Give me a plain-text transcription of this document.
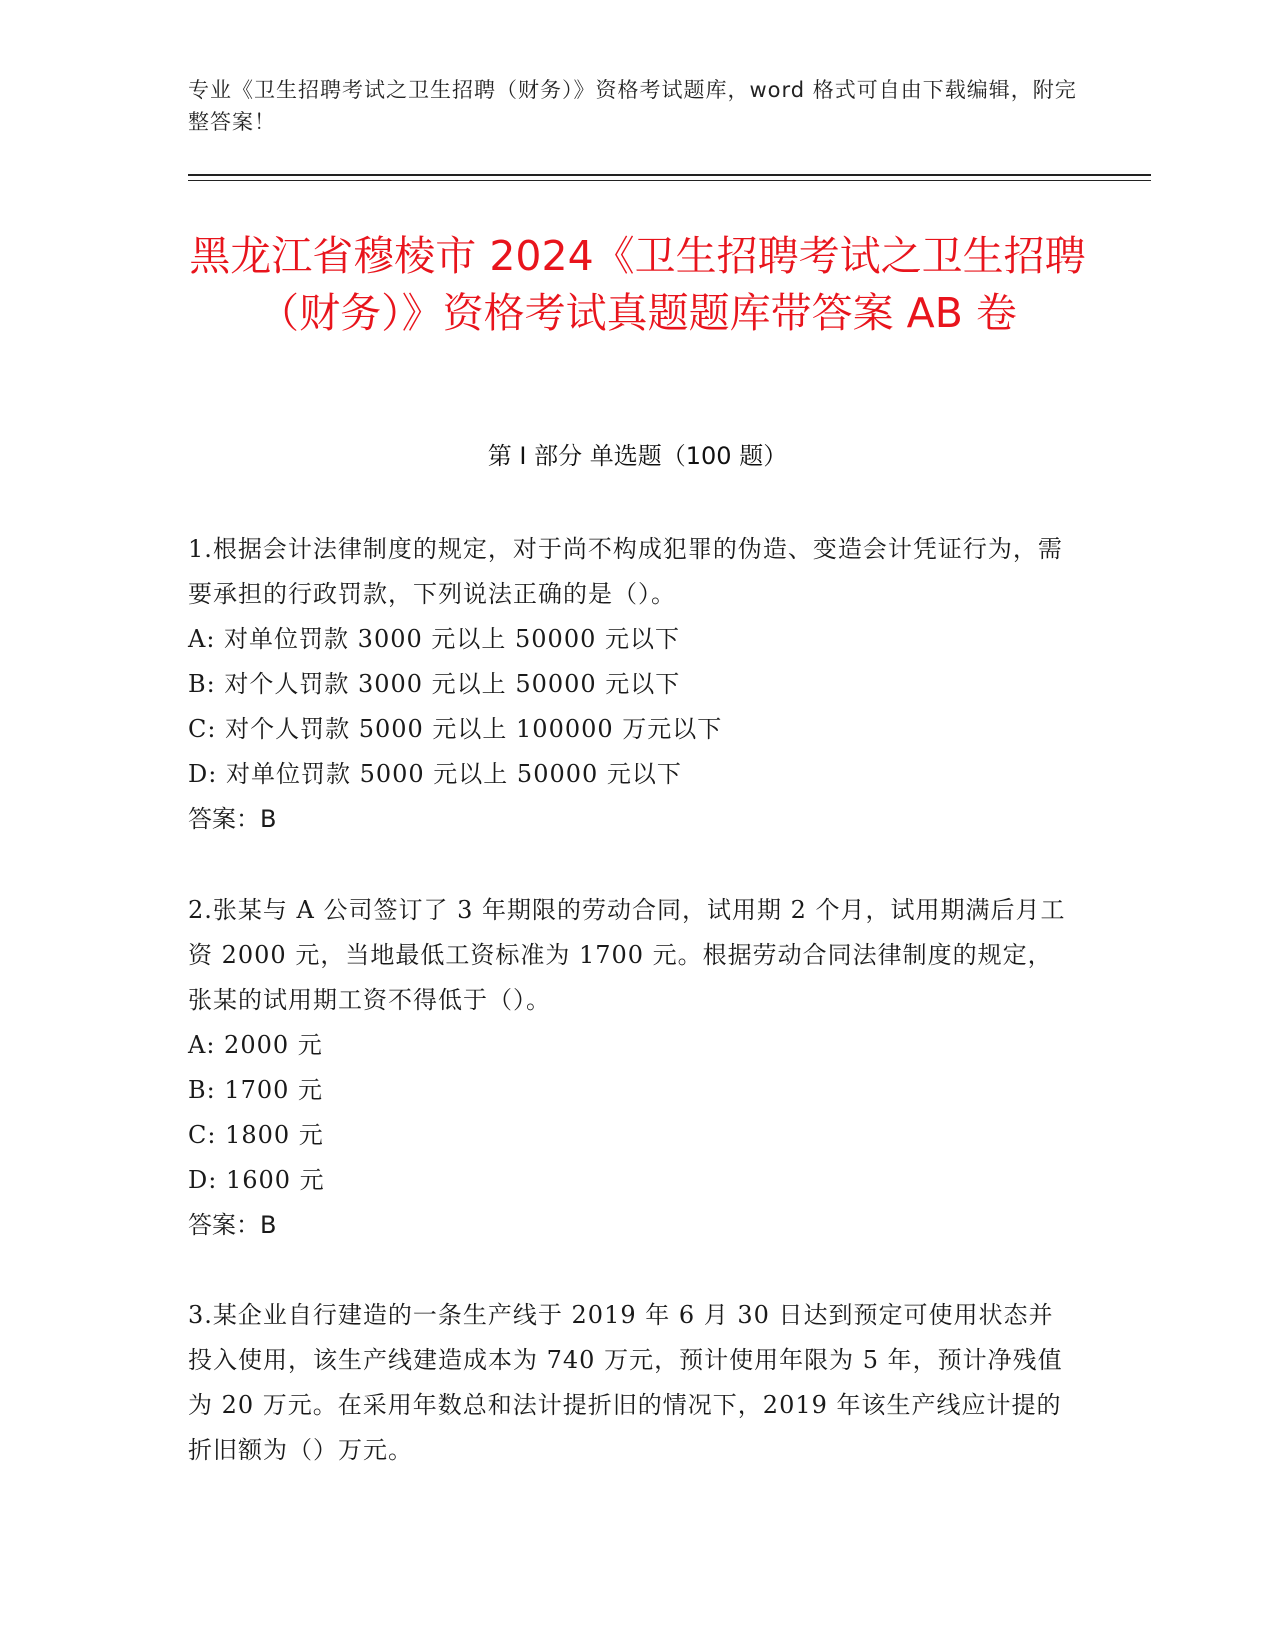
专业《卫生招聘考试之卫生招聘（财务）》资格考试题库，word 格式可自由下载编辑，附完整答案！
黑龙江省穆棱市 2024《卫生招聘考试之卫生招聘（财务）》资格考试真题题库带答案 AB 卷
第 I 部分 单选题（100 题）
1.根据会计法律制度的规定，对于尚不构成犯罪的伪造、变造会计凭证行为，需要承担的行政罚款，下列说法正确的是（）。
A: 对单位罚款 3000 元以上 50000 元以下
B: 对个人罚款 3000 元以上 50000 元以下
C: 对个人罚款 5000 元以上 100000 万元以下
D: 对单位罚款 5000 元以上 50000 元以下
答案：B
2.张某与 A 公司签订了 3 年期限的劳动合同，试用期 2 个月，试用期满后月工资 2000 元，当地最低工资标准为 1700 元。根据劳动合同法律制度的规定，张某的试用期工资不得低于（）。
A: 2000 元
B: 1700 元
C: 1800 元
D: 1600 元
答案：B
3.某企业自行建造的一条生产线于 2019 年 6 月 30 日达到预定可使用状态并投入使用，该生产线建造成本为 740 万元，预计使用年限为 5 年，预计净残值为 20 万元。在采用年数总和法计提折旧的情况下，2019 年该生产线应计提的折旧额为（）万元。
